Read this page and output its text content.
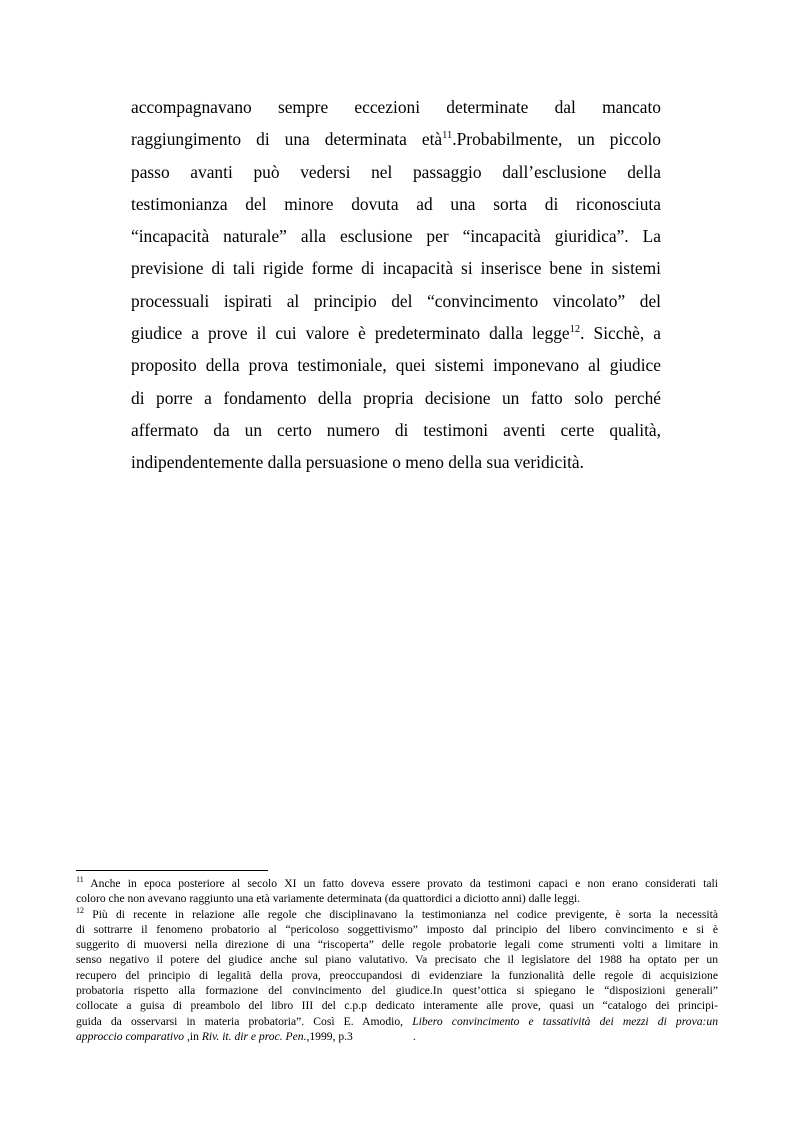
accompagnavano sempre eccezioni determinate dal mancato
raggiungimento di una determinata età$^{11}$.Probabilmente, un piccolo
passo avanti può vedersi nel passaggio dall’esclusione della
testimonianza del minore dovuta ad una sorta di riconosciuta
“incapacità naturale” alla esclusione per “incapacità giuridica”. La
previsione di tali rigide forme di incapacità si inserisce bene in sistemi
processuali ispirati al principio del “convincimento vincolato” del
giudice a prove il cui valore è predeterminato dalla legge$^{12}$. Sicchè, a
proposito della prova testimoniale, quei sistemi imponevano al giudice
di porre a fondamento della propria decisione un fatto solo perché
affermato da un certo numero di testimoni aventi certe qualità,
indipendentemente dalla persuasione o meno della sua veridicità.
$^{11}$ Anche in epoca posteriore al secolo XI un fatto doveva essere provato da testimoni capaci e non erano considerati tali
coloro che non avevano raggiunto una età variamente determinata (da quattordici a diciotto anni) dalle leggi.
$^{12}$ Più di recente in relazione alle regole che disciplinavano la testimonianza nel codice previgente, è sorta la necessità
di sottrarre il fenomeno probatorio al “pericoloso soggettivismo” imposto dal principio del libero convincimento e si è
suggerito di muoversi nella direzione di una “riscoperta” delle regole probatorie legali come strumenti volti a limitare in
senso negativo il potere del giudice anche sul piano valutativo. Va precisato che il legislatore del 1988 ha optato per un
recupero del principio di legalità della prova, preoccupandosi di evidenziare la funzionalità delle regole di acquisizione
probatoria rispetto alla formazione del convincimento del giudice.In quest’ottica si spiegano le “disposizioni generali”
collocate a guisa di preambolo del libro III del c.p.p dedicato interamente alle prove, quasi un “catalogo dei principi-
guida da osservarsi in materia probatoria”. Così E. Amodio, Libero convincimento e tassatività dei mezzi di prova:un
approccio comparativo ,in Riv. it. dir e proc. Pen.,1999, p.3	.
